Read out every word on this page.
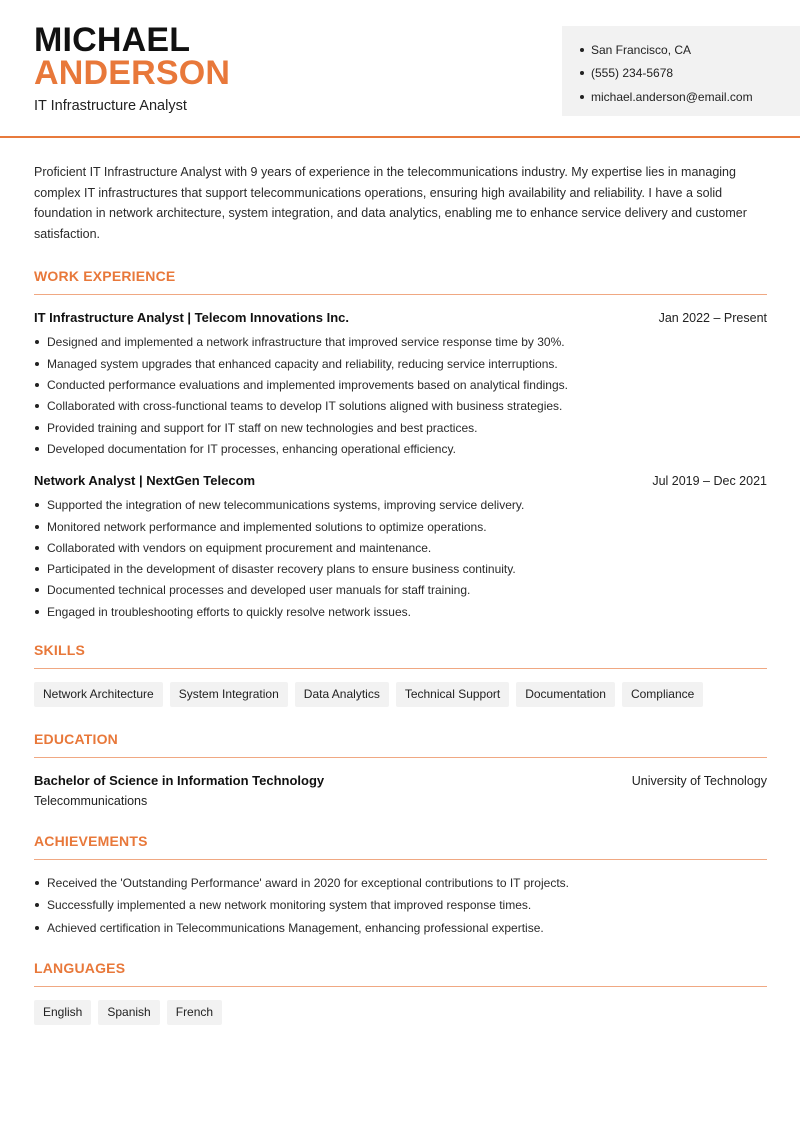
MICHAEL
ANDERSON
IT Infrastructure Analyst
San Francisco, CA
(555) 234-5678
michael.anderson@email.com

Proficient IT Infrastructure Analyst with 9 years of experience in the telecommunications industry. My expertise lies in managing complex IT infrastructures that support telecommunications operations, ensuring high availability and reliability. I have a solid foundation in network architecture, system integration, and data analytics, enabling me to enhance service delivery and customer satisfaction.

WORK EXPERIENCE
IT Infrastructure Analyst | Telecom Innovations Inc.	Jan 2022 – Present
Designed and implemented a network infrastructure that improved service response time by 30%.
Managed system upgrades that enhanced capacity and reliability, reducing service interruptions.
Conducted performance evaluations and implemented improvements based on analytical findings.
Collaborated with cross-functional teams to develop IT solutions aligned with business strategies.
Provided training and support for IT staff on new technologies and best practices.
Developed documentation for IT processes, enhancing operational efficiency.
Network Analyst | NextGen Telecom	Jul 2019 – Dec 2021
Supported the integration of new telecommunications systems, improving service delivery.
Monitored network performance and implemented solutions to optimize operations.
Collaborated with vendors on equipment procurement and maintenance.
Participated in the development of disaster recovery plans to ensure business continuity.
Documented technical processes and developed user manuals for staff training.
Engaged in troubleshooting efforts to quickly resolve network issues.
SKILLS
Network Architecture	System Integration	Data Analytics	Technical Support	Documentation	Compliance
EDUCATION
Bachelor of Science in Information Technology	University of Technology
Telecommunications
ACHIEVEMENTS
Received the 'Outstanding Performance' award in 2020 for exceptional contributions to IT projects.
Successfully implemented a new network monitoring system that improved response times.
Achieved certification in Telecommunications Management, enhancing professional expertise.
LANGUAGES
English	Spanish	French
